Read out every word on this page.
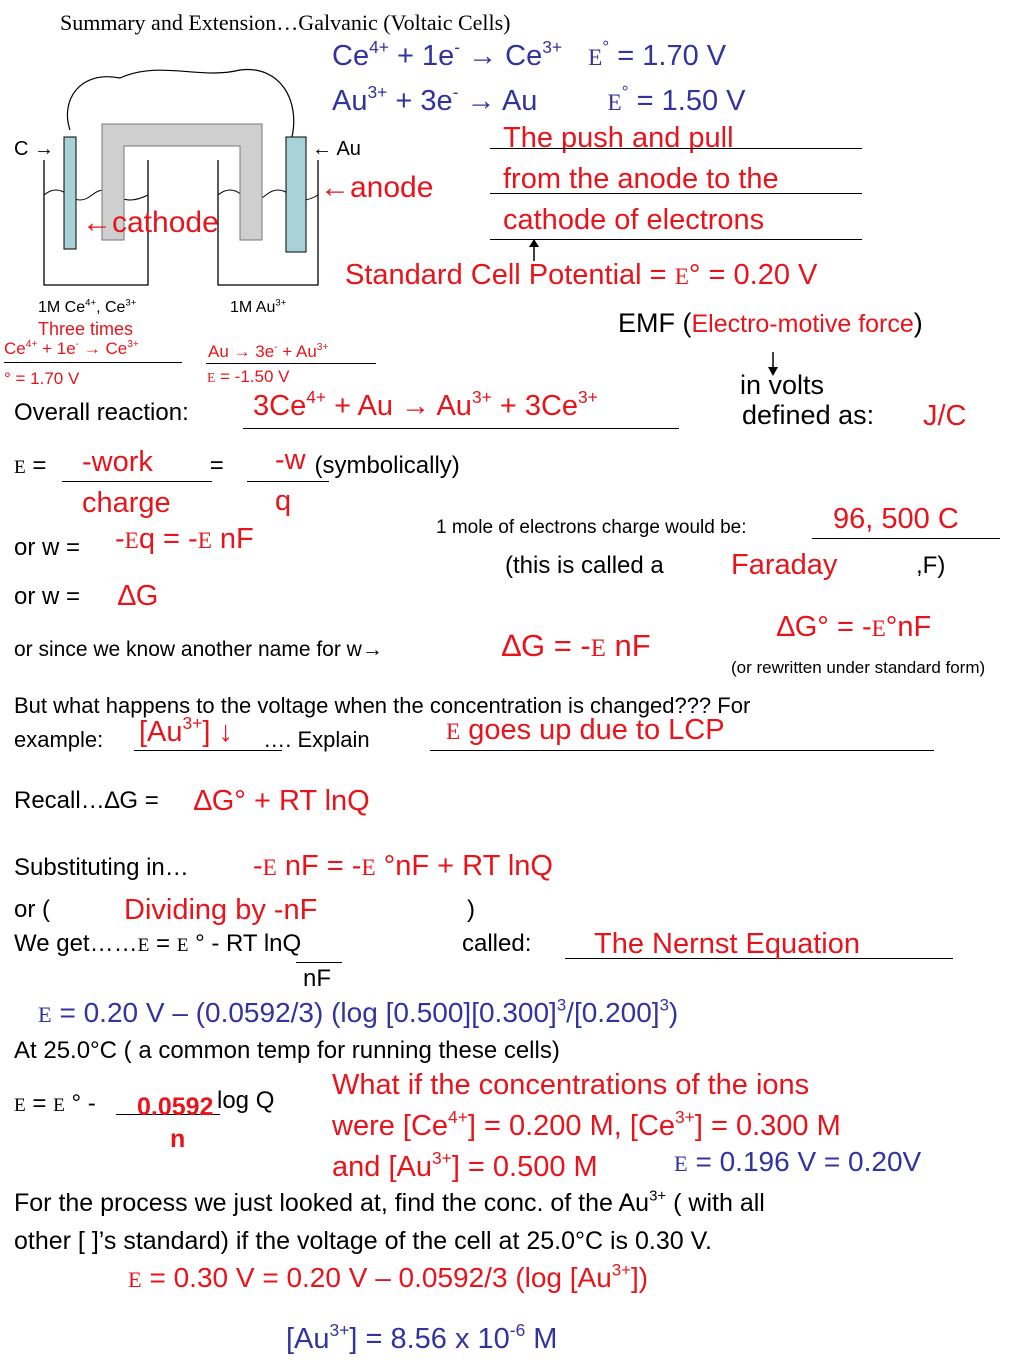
Summary and Extension…Galvanic (Voltaic Cells)
$Ce^{4+} + 1e^- \to Ce^{3+}$ E° = 1.70 V
$Au^{3+} + 3e^- \to Au$	E° = 1.50 V
C →	← Au
←anode
←cathode
1M $Ce^{4+}$, $Ce^{3+}$	1M $Au^{3+}$
Three times
$Ce^{4+} + 1e^- \to Ce^{3+}$
° = 1.70 V
$Au \to 3e^- + Au^{3+}$
E = -1.50 V
The push and pull
from the anode to the
cathode of electrons
Standard Cell Potential = E° = 0.20 V
EMF (Electro-motive force)
in volts
defined as: J/C
Overall reaction: $3Ce^{4+} + Au \to Au^{3+} + 3Ce^{3+}$
E =	=	(symbolically)
-work
charge
-w
q
1 mole of electrons charge would be:	96, 500 C
(this is called a Faraday	,F)
or w = -Eq = -E nF
or w = ∆G
or since we know another name for w→	∆G = -E nF
∆G° = -E°nF
(or rewritten under standard form)
But what happens to the voltage when the concentration is changed??? For
example:	…. Explain
$[Au^{3+}]$ ↓	E goes up due to LCP
Recall…∆G = ∆G° + RT lnQ
Substituting in… -E nF = -E °nF + RT lnQ
or (	Dividing by -nF	)
We get……E = E ° - RT lnQ
nF
called: The Nernst Equation
E = 0.20 V – (0.0592/3) (log $[0.500][0.300]^3/[0.200]^3$)
At 25.0°C ( a common temp for running these cells)
E = E ° -	log Q
0.0592
n
What if the concentrations of the ions
were $[Ce^{4+}] = 0.200$ M, $[Ce^{3+}] = 0.300$ M
and $[Au^{3+}] = 0.500$ M	E = 0.196 V = 0.20V
For the process we just looked at, find the conc. of the $Au^{3+}$ ( with all
other [ ]’s standard) if the voltage of the cell at 25.0°C is 0.30 V.
E = 0.30 V = 0.20 V – 0.0592/3 (log $[Au^{3+}]$)
$[Au^{3+}] = 8.56$ x $10^{-6}$ M
